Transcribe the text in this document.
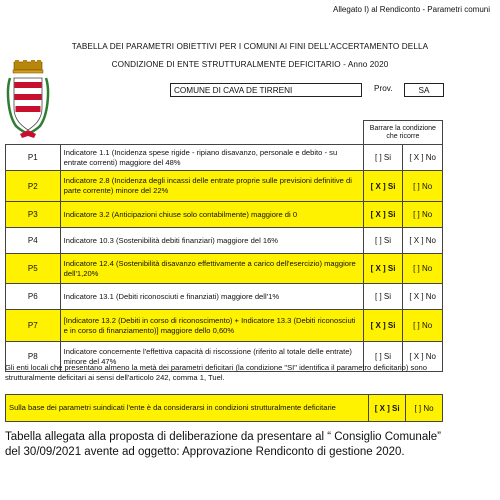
Allegato I) al Rendiconto - Parametri comuni
TABELLA DEI PARAMETRI OBIETTIVI PER I COMUNI AI FINI DELL'ACCERTAMENTO DELLA
CONDIZIONE DI ENTE STRUTTURALMENTE DEFICITARIO - Anno 2020
COMUNE DI CAVA DE TIRRENI	Prov.	SA
		Barrare la condizione che ricorre	
P1	Indicatore 1.1 (Incidenza spese rigide - ripiano disavanzo, personale e debito - su entrate correnti) maggiore del 48%	[ ] Si	[ X ] No
P2	Indicatore 2.8 (Incidenza degli incassi delle entrate proprie sulle previsioni definitive di parte corrente) minore del 22%	[ X ] Si	[ ] No
P3	Indicatore 3.2 (Anticipazioni chiuse solo contabilmente) maggiore di 0	[ X ] Si	[ ] No
P4	Indicatore 10.3 (Sostenibilità debiti finanziari) maggiore del 16%	[ ] Si	[ X ] No
P5	Indicatore 12.4 (Sostenibilità disavanzo effettivamente a carico dell'esercizio) maggiore dell'1,20%	[ X ] Si	[ ] No
P6	Indicatore 13.1 (Debiti riconosciuti e finanziati) maggiore dell'1%	[ ] Si	[ X ] No
P7	[Indicatore 13.2 (Debiti in corso di riconoscimento) + Indicatore 13.3 (Debiti riconosciuti e in corso di finanziamento)] maggiore dello 0,60%	[ X ] Si	[ ] No
P8	Indicatore concernente l'effettiva capacità di riscossione (riferito al totale delle entrate) minore del 47%	[ ] Si	[ X ] No
Gli enti locali che presentano almeno la metà dei parametri deficitari (la condizione "SI" identifica il parametro deficitario) sono strutturalmente deficitari ai sensi dell'articolo 242, comma 1, Tuel.
Sulla base dei parametri suindicati l'ente è da considerarsi in condizioni strutturalmente deficitarie	[ X ] Si	[ ] No
Tabella allegata alla proposta di deliberazione da presentare al “ Consiglio Comunale”
del 30/09/2021 avente ad oggetto: Approvazione Rendiconto di gestione 2020.
